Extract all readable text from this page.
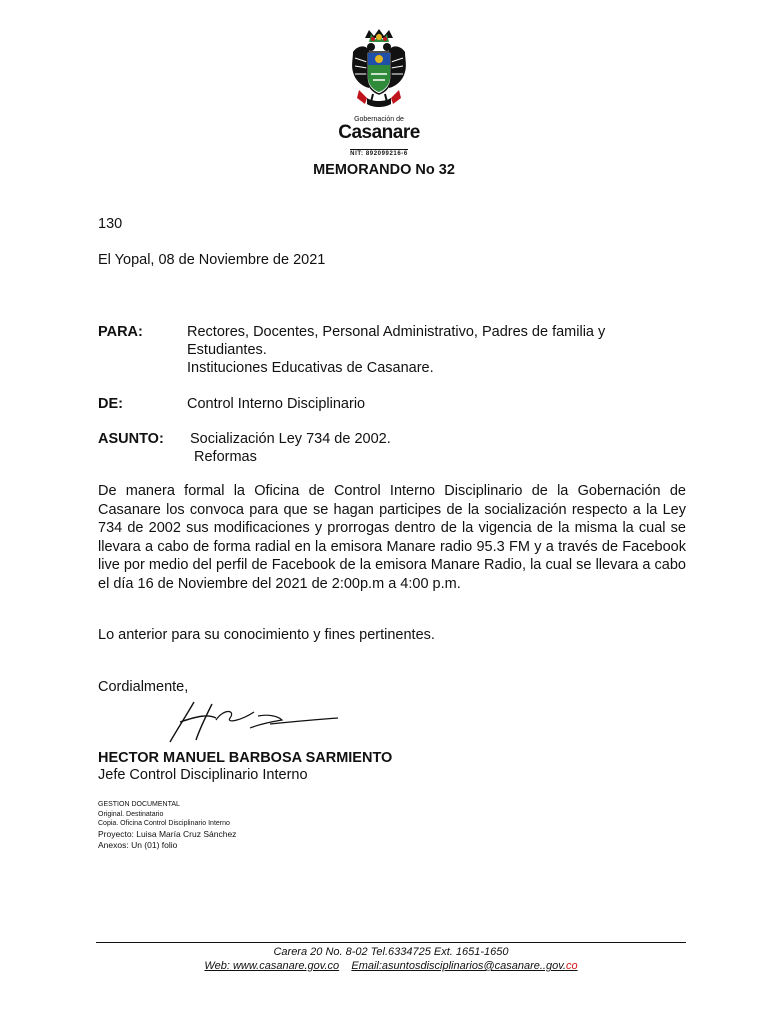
Gobernación de
Casanare
NIT: 892099216-6
MEMORANDO No 32
130
El Yopal, 08 de Noviembre de 2021
PARA:	Rectores, Docentes, Personal Administrativo, Padres de familia y
Estudiantes.
Instituciones Educativas de Casanare.
DE:	Control Interno Disciplinario
ASUNTO: Socialización Ley 734 de 2002.
Reformas
De manera formal la Oficina de Control Interno Disciplinario de la Gobernación de Casanare los convoca para que se hagan participes de la socialización respecto a la Ley 734 de 2002 sus modificaciones y prorrogas dentro de la vigencia de la misma la cual se llevara a cabo de forma radial en la emisora Manare radio 95.3 FM y a través de Facebook live por medio del perfil de Facebook de la emisora Manare Radio, la cual se llevara a cabo el día 16 de Noviembre del 2021 de 2:00p.m a 4:00 p.m.
Lo anterior para su conocimiento y fines pertinentes.
Cordialmente,
HECTOR MANUEL BARBOSA SARMIENTO
Jefe Control Disciplinario Interno
GESTION DOCUMENTAL
Original. Destinatario
Copia. Oficina Control Disciplinario Interno
Proyecto: Luisa María Cruz Sánchez
Anexos: Un (01) folio
Carera 20 No. 8-02 Tel.6334725 Ext. 1651-1650
Web: www.casanare.gov.co Email:asuntosdisciplinarios@casanare..gov.co
